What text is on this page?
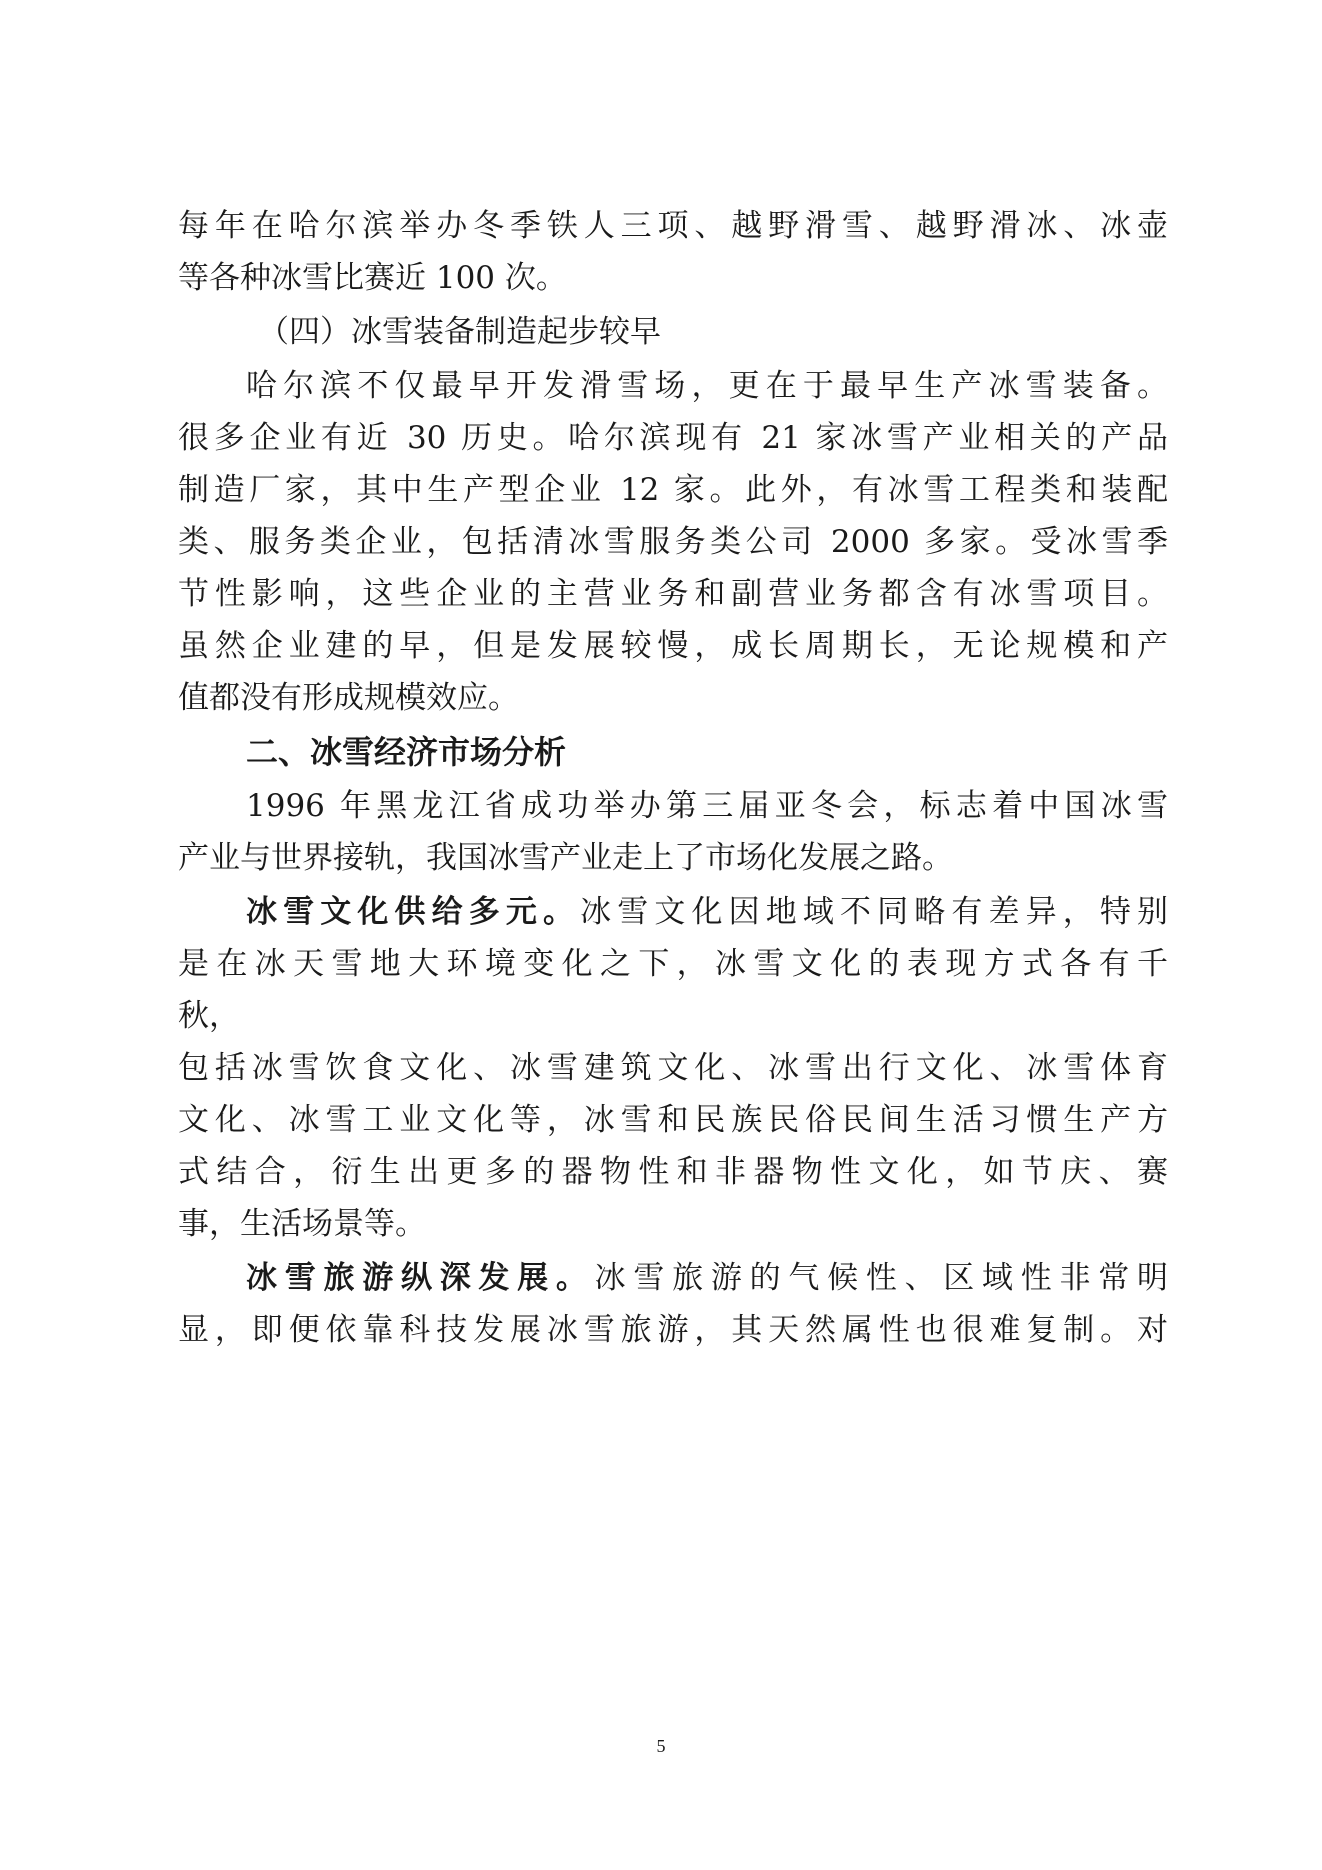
每年在哈尔滨举办冬季铁人三项、越野滑雪、越野滑冰、冰壶
等各种冰雪比赛近 100 次。
（四）冰雪装备制造起步较早
哈尔滨不仅最早开发滑雪场，更在于最早生产冰雪装备。
很多企业有近 30 历史。哈尔滨现有 21 家冰雪产业相关的产品
制造厂家，其中生产型企业 12 家。此外，有冰雪工程类和装配
类、服务类企业，包括清冰雪服务类公司 2000 多家。受冰雪季
节性影响，这些企业的主营业务和副营业务都含有冰雪项目。
虽然企业建的早，但是发展较慢，成长周期长，无论规模和产
值都没有形成规模效应。
二、冰雪经济市场分析
1996 年黑龙江省成功举办第三届亚冬会，标志着中国冰雪
产业与世界接轨，我国冰雪产业走上了市场化发展之路。
冰雪文化供给多元。冰雪文化因地域不同略有差异，特别
是在冰天雪地大环境变化之下，冰雪文化的表现方式各有千
秋，
包括冰雪饮食文化、冰雪建筑文化、冰雪出行文化、冰雪体育
文化、冰雪工业文化等，冰雪和民族民俗民间生活习惯生产方
式结合，衍生出更多的器物性和非器物性文化，如节庆、赛
事，生活场景等。
冰雪旅游纵深发展。冰雪旅游的气候性、区域性非常明
显，即便依靠科技发展冰雪旅游，其天然属性也很难复制。对
5
